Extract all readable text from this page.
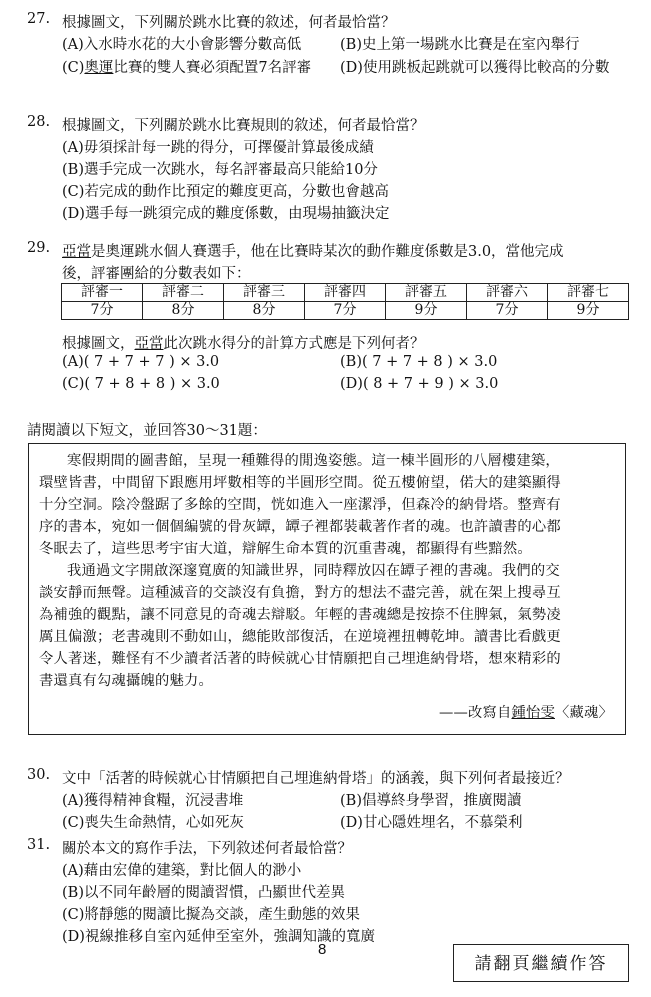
27. 根據圖文，下列關於跳水比賽的敘述，何者最恰當？
(A)入水時水花的大小會影響分數高低	(B)史上第一場跳水比賽是在室內舉行
(C)奧運比賽的雙人賽必須配置7名評審 (D)使用跳板起跳就可以獲得比較高的分數
28. 根據圖文，下列關於跳水比賽規則的敘述，何者最恰當？
(A)毋須採計每一跳的得分，可擇優計算最後成績
(B)選手完成一次跳水，每名評審最高只能給10分
(C)若完成的動作比預定的難度更高，分數也會越高
(D)選手每一跳須完成的難度係數，由現場抽籤決定
29. 亞當是奧運跳水個人賽選手，他在比賽時某次的動作難度係數是3.0，當他完成
後，評審團給的分數表如下：
評審一	評審二	評審三	評審四	評審五	評審六	評審七
7分	8分	8分	7分	9分	7分	9分
根據圖文，亞當此次跳水得分的計算方式應是下列何者？
(A)( 7 + 7 + 7 ) × 3.0	(B)( 7 + 7 + 8 ) × 3.0
(C)( 7 + 8 + 8 ) × 3.0	(D)( 8 + 7 + 9 ) × 3.0
請閱讀以下短文，並回答30～31題：
寒假期間的圖書館，呈現一種難得的閒逸姿態。這一棟半圓形的八層樓建築，
環壁皆書，中間留下跟應用坪數相等的半圓形空間。從五樓俯望，偌大的建築顯得
十分空洞。陰冷盤踞了多餘的空間，恍如進入一座潔淨，但森冷的納骨塔。整齊有
序的書本，宛如一個個編號的骨灰罈，罈子裡都裝載著作者的魂。也許讀書的心都
冬眠去了，這些思考宇宙大道，辯解生命本質的沉重書魂，都顯得有些黯然。
我通過文字開啟深邃寬廣的知識世界，同時釋放囚在罈子裡的書魂。我們的交
談安靜而無聲。這種滅音的交談沒有負擔，對方的想法不盡完善，就在架上搜尋互
為補強的觀點，讓不同意見的奇魂去辯駁。年輕的書魂總是按捺不住脾氣，氣勢凌
厲且偏激；老書魂則不動如山，總能敗部復活，在逆境裡扭轉乾坤。讀書比看戲更
令人著迷，難怪有不少讀者活著的時候就心甘情願把自己埋進納骨塔，想來精彩的
書還真有勾魂攝魄的魅力。
——改寫自鍾怡雯〈藏魂〉
30. 文中「活著的時候就心甘情願把自己埋進納骨塔」的涵義，與下列何者最接近？
(A)獲得精神食糧，沉浸書堆	(B)倡導終身學習，推廣閱讀
(C)喪失生命熱情，心如死灰	(D)甘心隱姓埋名，不慕榮利
31. 關於本文的寫作手法，下列敘述何者最恰當？
(A)藉由宏偉的建築，對比個人的渺小
(B)以不同年齡層的閱讀習慣，凸顯世代差異
(C)將靜態的閱讀比擬為交談，產生動態的效果
(D)視線推移自室內延伸至室外，強調知識的寬廣
8
請翻頁繼續作答
